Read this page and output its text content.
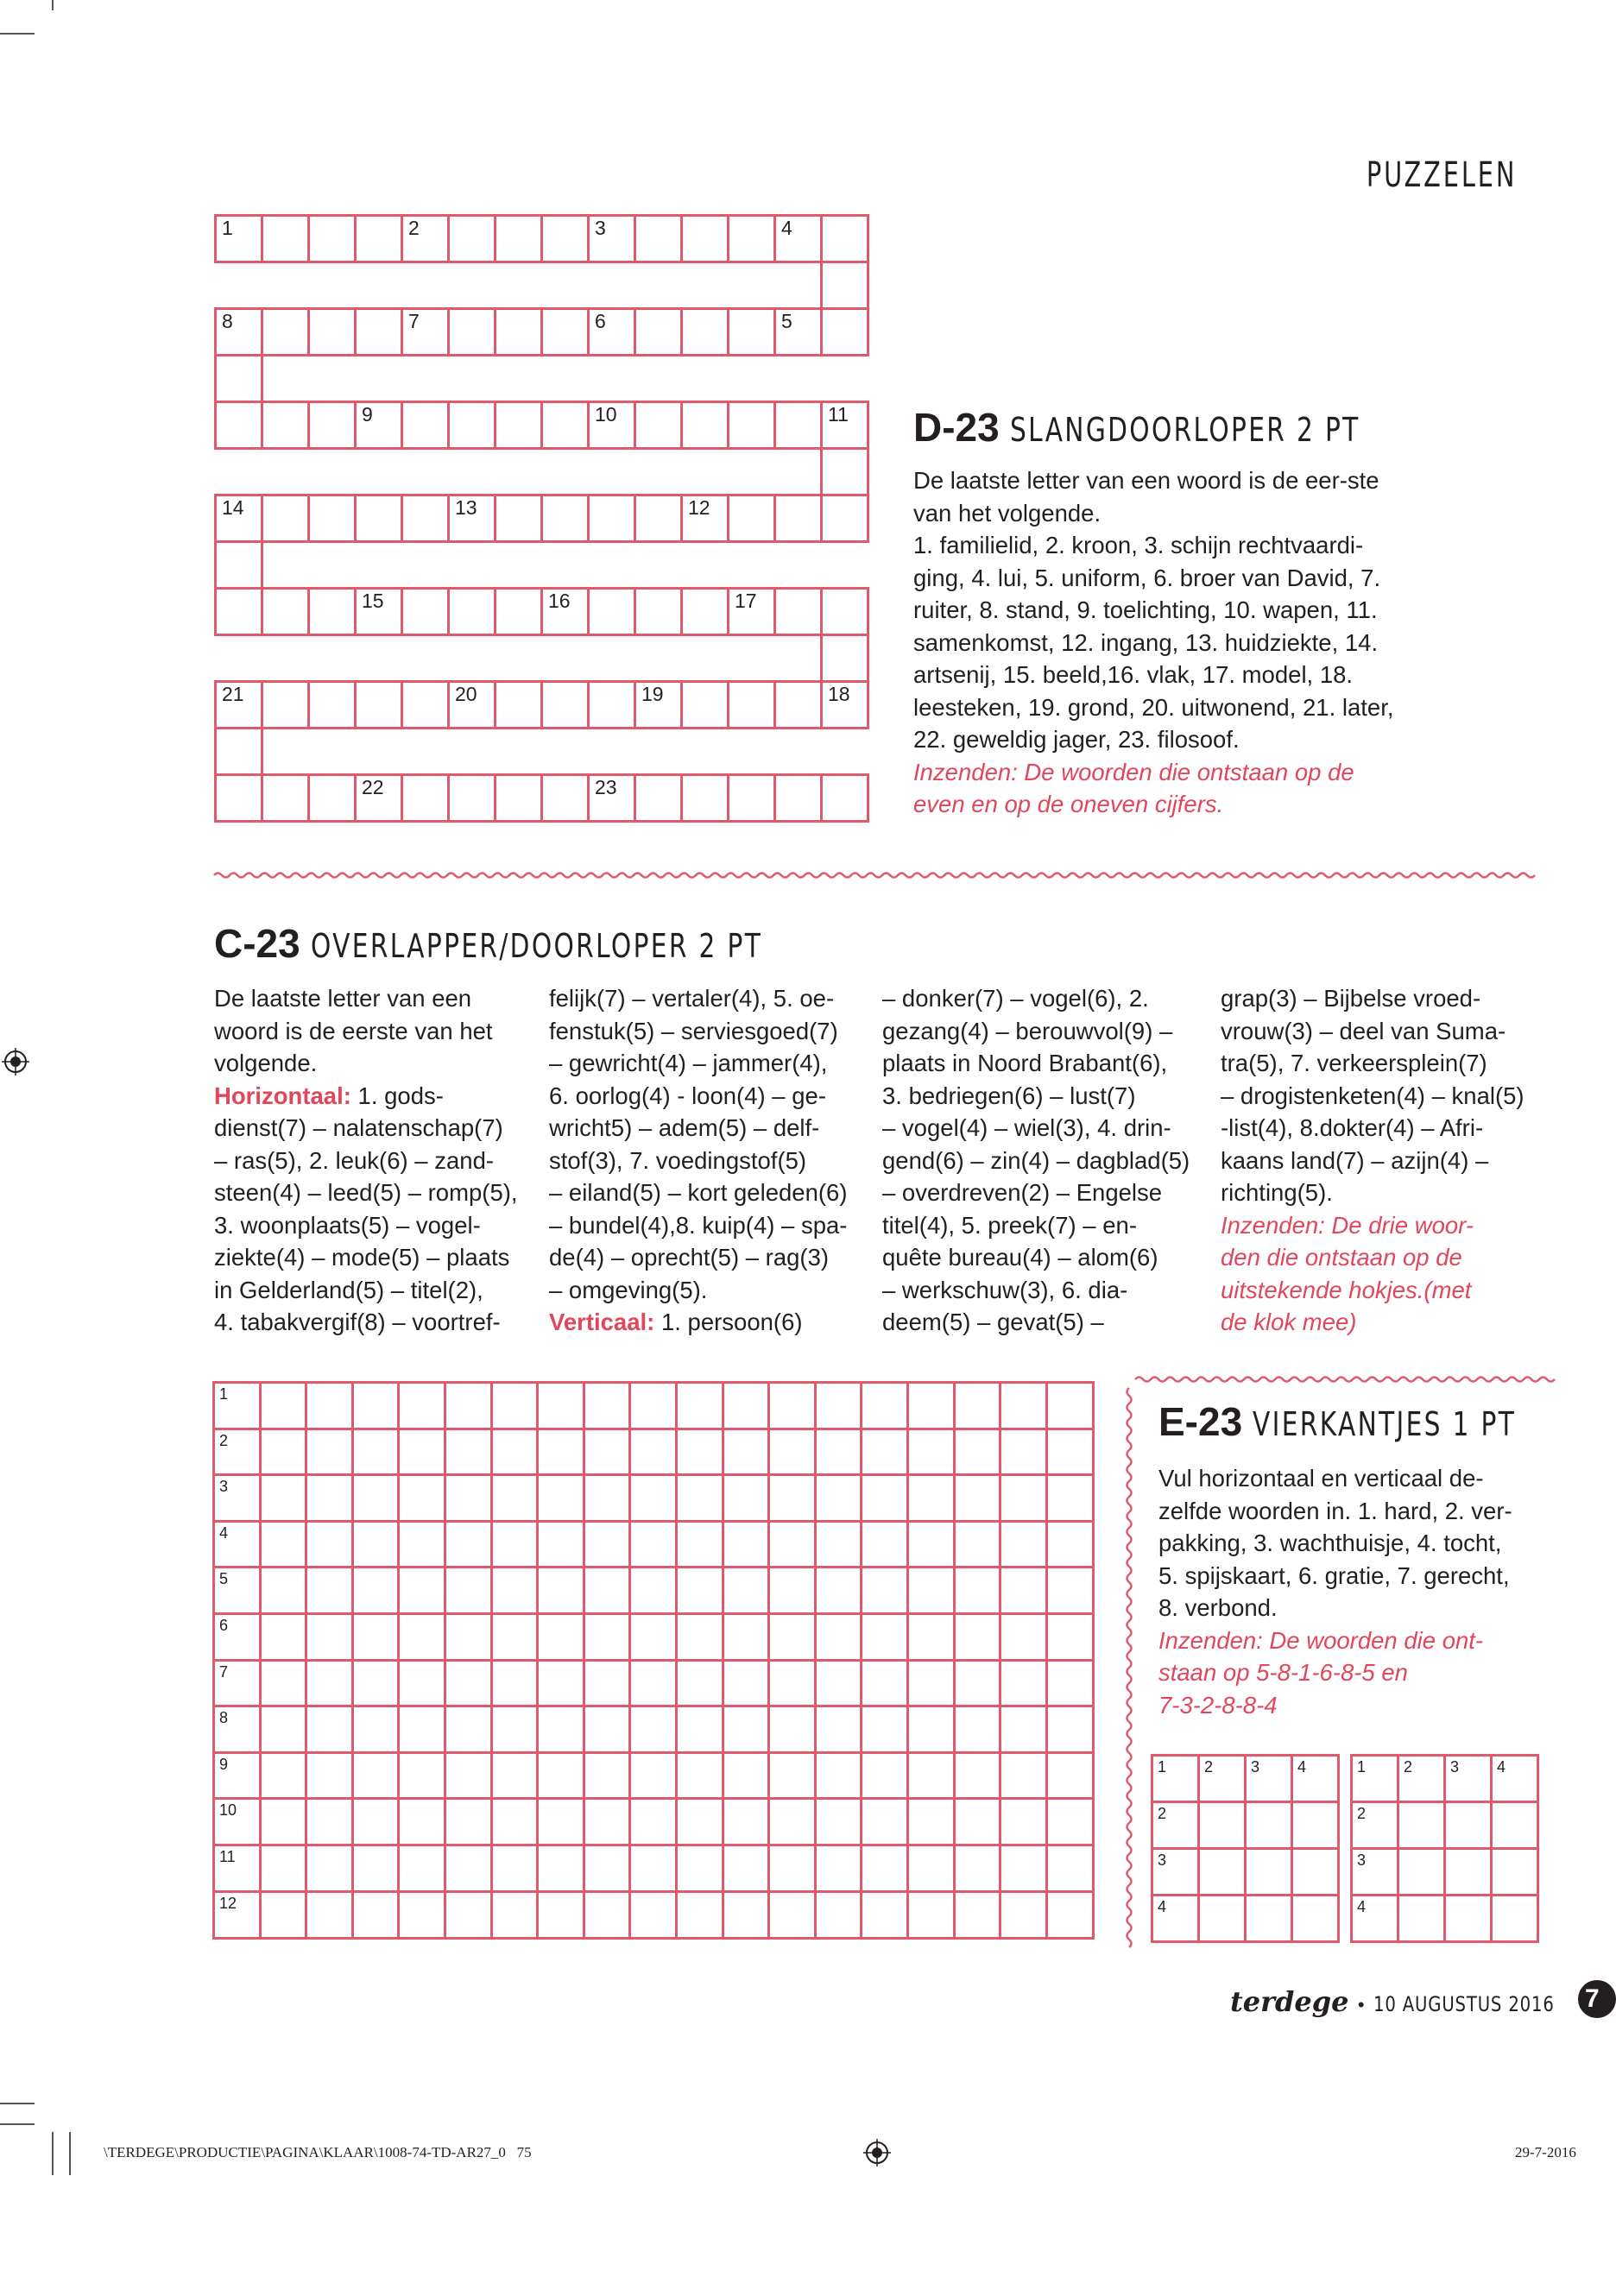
PUZZELEN
1	2	3	4
8	7	6	5
9	10	11
14	13	12
15	16	17
21	20	19	18
22	23
D-23 SLANGDOORLOPER 2 PT

De laatste letter van een woord is de eer-ste van het volgende.

1. familielid, 2. kroon, 3. schijn rechtvaardi-ging, 4. lui, 5. uniform, 6. broer van David, 7. ruiter, 8. stand, 9. toelichting, 10. wapen, 11. samenkomst, 12. ingang, 13. huidziekte, 14. artsenij, 15. beeld,16. vlak, 17. model, 18. leesteken, 19. grond, 20. uitwonend, 21. later, 22. geweldig jager, 23. filosoof.

Inzenden: De woorden die ontstaan op de even en op de oneven cijfers.

C-23 OVERLAPPER/DOORLOPER 2 PT
De laatste letter van een
woord is de eerste van het
volgende.
Horizontaal: 1. gods-
dienst(7) – nalatenschap(7)
– ras(5), 2. leuk(6) – zand-
steen(4) – leed(5) – romp(5),
3. woonplaats(5) – vogel-
ziekte(4) – mode(5) – plaats
in Gelderland(5) – titel(2),
4. tabakvergif(8) – voortref-
felijk(7) – vertaler(4), 5. oe-
fenstuk(5) – serviesgoed(7)
– gewricht(4) – jammer(4),
6. oorlog(4) - loon(4) – ge-
wricht5) – adem(5) – delf-
stof(3), 7. voedingstof(5)
– eiland(5) – kort geleden(6)
– bundel(4),8. kuip(4) – spa-
de(4) – oprecht(5) – rag(3)
– omgeving(5).
Verticaal: 1. persoon(6)
– donker(7) – vogel(6), 2.
gezang(4) – berouwvol(9) –
plaats in Noord Brabant(6),
3. bedriegen(6) – lust(7)
– vogel(4) – wiel(3), 4. drin-
gend(6) – zin(4) – dagblad(5)
– overdreven(2) – Engelse
titel(4), 5. preek(7) – en-
quête bureau(4) – alom(6)
– werkschuw(3), 6. dia-
deem(5) – gevat(5) –
grap(3) – Bijbelse vroed-
vrouw(3) – deel van Suma-
tra(5), 7. verkeersplein(7)
– drogistenketen(4) – knal(5)
-list(4), 8.dokter(4) – Afri-
kaans land(7) – azijn(4) –
richting(5).
Inzenden: De drie woor-
den die ontstaan op de
uitstekende hokjes.(met
de klok mee)
1
2
3
4
5
6
7
8
9
10
11
12
E-23 VIERKANTJES 1 PT
Vul horizontaal en verticaal de-
zelfde woorden in. 1. hard, 2. ver-
pakking, 3. wachthuisje, 4. tocht,
5. spijskaart, 6. gratie, 7. gerecht,
8. verbond.
Inzenden: De woorden die ont-
staan op 5-8-1-6-8-5 en
7-3-2-8-8-4
1 2 3 4
2
3
4
1 2 3 4
2
3
4
terdege • 10 AUGUSTUS 2016	7
\TERDEGE\PRODUCTIE\PAGINA\KLAAR\1008-74-TD-AR27_0   75	29-7-2016
